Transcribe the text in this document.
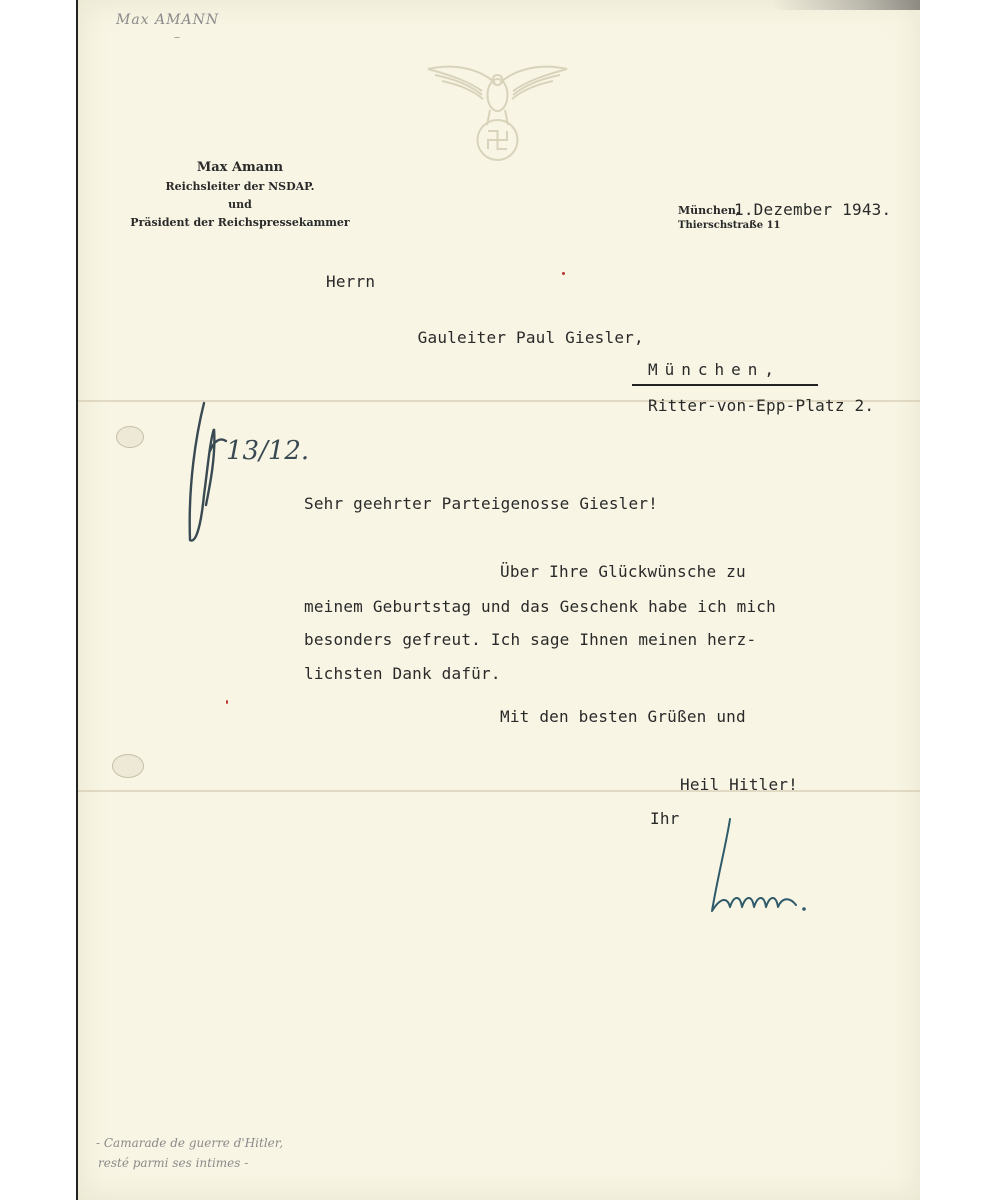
Max AMANN
–
- Camarade de guerre d'Hitler,
resté parmi ses intimes -
Max Amann
Reichsleiter der NSDAP.
und
Präsident der Reichspressekammer
München,
1.Dezember 1943.
Thierschstraße 11
Herrn

Gauleiter Paul Giesler,

München,
Ritter-von-Epp-Platz 2.
13/12.
Sehr geehrter Parteigenosse Giesler!
Über Ihre Glückwünsche zu
meinem Geburtstag und das Geschenk habe ich mich
besonders gefreut. Ich sage Ihnen meinen herz-
lichsten Dank dafür.
Mit den besten Grüßen und
Heil Hitler!
Ihr
